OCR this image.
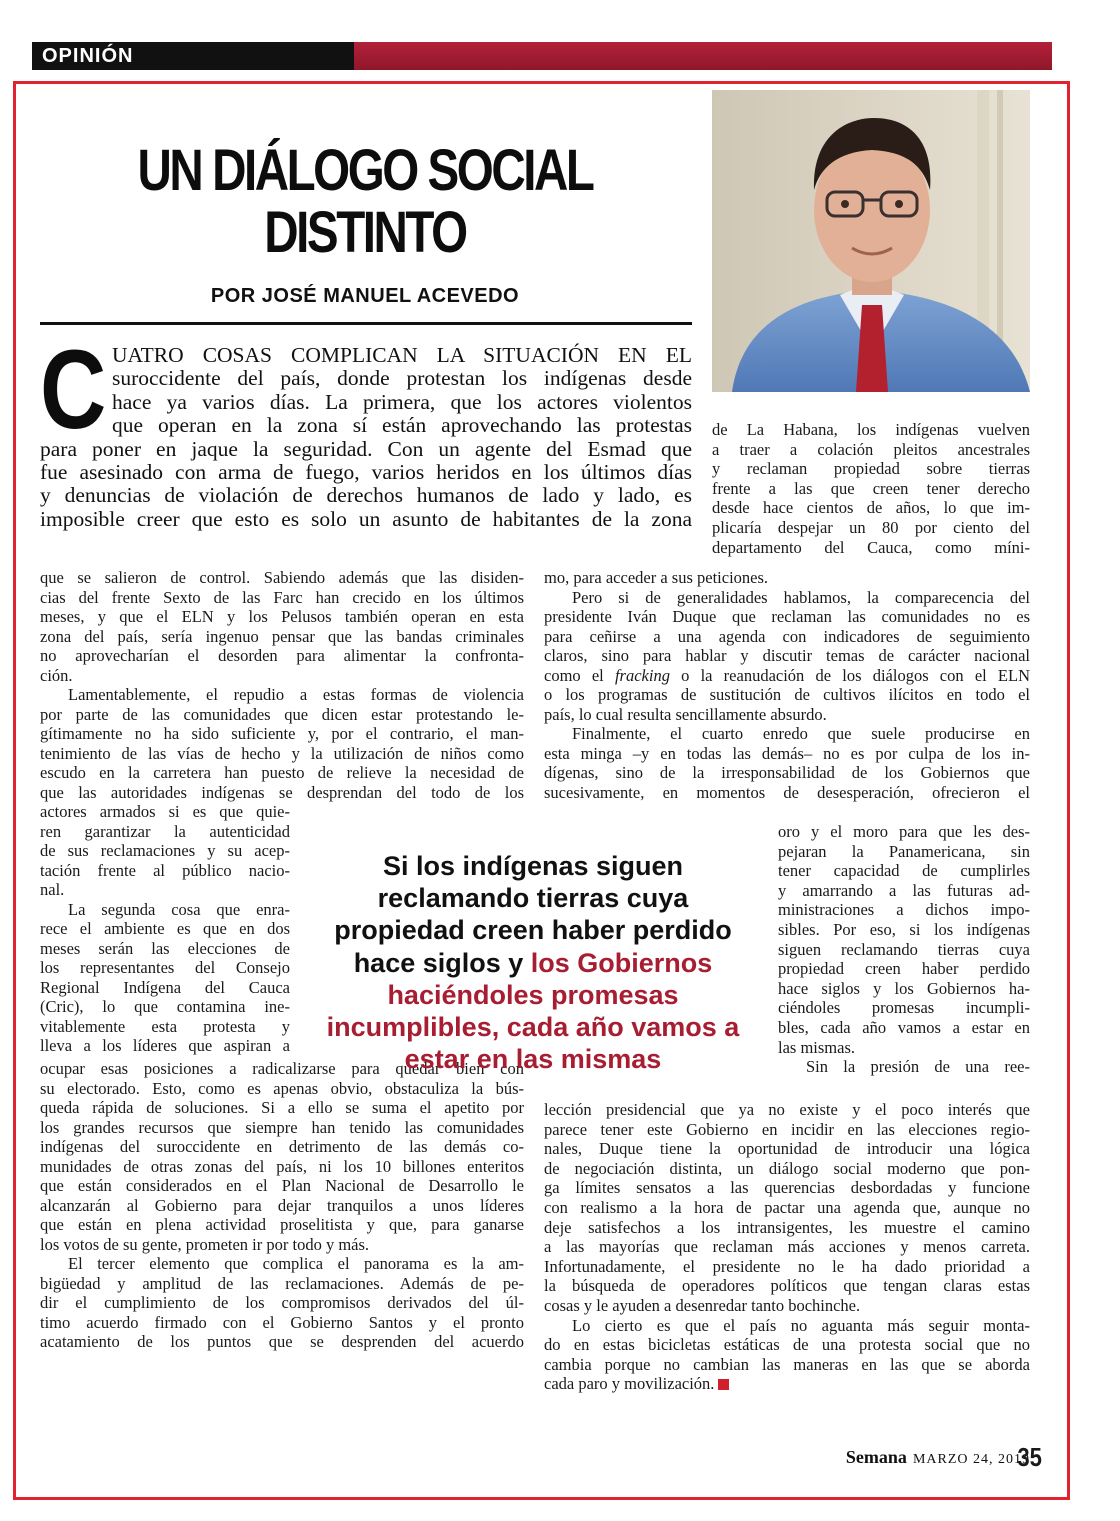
OPINIÓN
UN DIÁLOGO SOCIAL
DISTINTO
POR JOSÉ MANUEL ACEVEDO
C UATRO COSAS COMPLICAN LA SITUACIÓN EN EL
suroccidente del país, donde protestan los indígenas desde
hace ya varios días. La primera, que los actores violentos
que operan en la zona sí están aprovechando las protestas
para poner en jaque la seguridad. Con un agente del Esmad que
fue asesinado con arma de fuego, varios heridos en los últimos días
y denuncias de violación de derechos humanos de lado y lado, es
imposible creer que esto es solo un asunto de habitantes de la zona
que se salieron de control. Sabiendo además que las disiden-
cias del frente Sexto de las Farc han crecido en los últimos
meses, y que el ELN y los Pelusos también operan en esta
zona del país, sería ingenuo pensar que las bandas criminales
no aprovecharían el desorden para alimentar la confronta-
ción.
Lamentablemente, el repudio a estas formas de violencia
por parte de las comunidades que dicen estar protestando le-
gítimamente no ha sido suficiente y, por el contrario, el man-
tenimiento de las vías de hecho y la utilización de niños como
escudo en la carretera han puesto de relieve la necesidad de
que las autoridades indígenas se desprendan del todo de los
actores armados si es que quie-
ren garantizar la autenticidad
de sus reclamaciones y su acep-
tación frente al público nacio-
nal.
La segunda cosa que enra-
rece el ambiente es que en dos
meses serán las elecciones de
los representantes del Consejo
Regional Indígena del Cauca
(Cric), lo que contamina ine-
vitablemente esta protesta y
lleva a los líderes que aspiran a
ocupar esas posiciones a radicalizarse para quedar bien con
su electorado. Esto, como es apenas obvio, obstaculiza la bús-
queda rápida de soluciones. Si a ello se suma el apetito por
los grandes recursos que siempre han tenido las comunidades
indígenas del suroccidente en detrimento de las demás co-
munidades de otras zonas del país, ni los 10 billones enteritos
que están considerados en el Plan Nacional de Desarrollo le
alcanzarán al Gobierno para dejar tranquilos a unos líderes
que están en plena actividad proselitista y que, para ganarse
los votos de su gente, prometen ir por todo y más.
El tercer elemento que complica el panorama es la am-
bigüedad y amplitud de las reclamaciones. Además de pe-
dir el cumplimiento de los compromisos derivados del úl-
timo acuerdo firmado con el Gobierno Santos y el pronto
acatamiento de los puntos que se desprenden del acuerdo
de La Habana, los indígenas vuelven
a traer a colación pleitos ancestrales
y reclaman propiedad sobre tierras
frente a las que creen tener derecho
desde hace cientos de años, lo que im-
plicaría despejar un 80 por ciento del
departamento del Cauca, como míni-
mo, para acceder a sus peticiones.
Pero si de generalidades hablamos, la comparecencia del
presidente Iván Duque que reclaman las comunidades no es
para ceñirse a una agenda con indicadores de seguimiento
claros, sino para hablar y discutir temas de carácter nacional
como el fracking o la reanudación de los diálogos con el ELN
o los programas de sustitución de cultivos ilícitos en todo el
país, lo cual resulta sencillamente absurdo.
Finalmente, el cuarto enredo que suele producirse en
esta minga –y en todas las demás– no es por culpa de los in-
dígenas, sino de la irresponsabilidad de los Gobiernos que
sucesivamente, en momentos de desesperación, ofrecieron el
oro y el moro para que les des-
pejaran la Panamericana, sin
tener capacidad de cumplirles
y amarrando a las futuras ad-
ministraciones a dichos impo-
sibles. Por eso, si los indígenas
siguen reclamando tierras cuya
propiedad creen haber perdido
hace siglos y los Gobiernos ha-
ciéndoles promesas incumpli-
bles, cada año vamos a estar en
las mismas.
Sin la presión de una ree-
lección presidencial que ya no existe y el poco interés que
parece tener este Gobierno en incidir en las elecciones regio-
nales, Duque tiene la oportunidad de introducir una lógica
de negociación distinta, un diálogo social moderno que pon-
ga límites sensatos a las querencias desbordadas y funcione
con realismo a la hora de pactar una agenda que, aunque no
deje satisfechos a los intransigentes, les muestre el camino
a las mayorías que reclaman más acciones y menos carreta.
Infortunadamente, el presidente no le ha dado prioridad a
la búsqueda de operadores políticos que tengan claras estas
cosas y le ayuden a desenredar tanto bochinche.
Lo cierto es que el país no aguanta más seguir monta-
do en estas bicicletas estáticas de una protesta social que no
cambia porque no cambian las maneras en las que se aborda
cada paro y movilización.
Si los indígenas siguen
reclamando tierras cuya
propiedad creen haber perdido
hace siglos y los Gobiernos
haciéndoles promesas
incumplibles, cada año vamos a
estar en las mismas
Semana MARZO 24, 2019
35
